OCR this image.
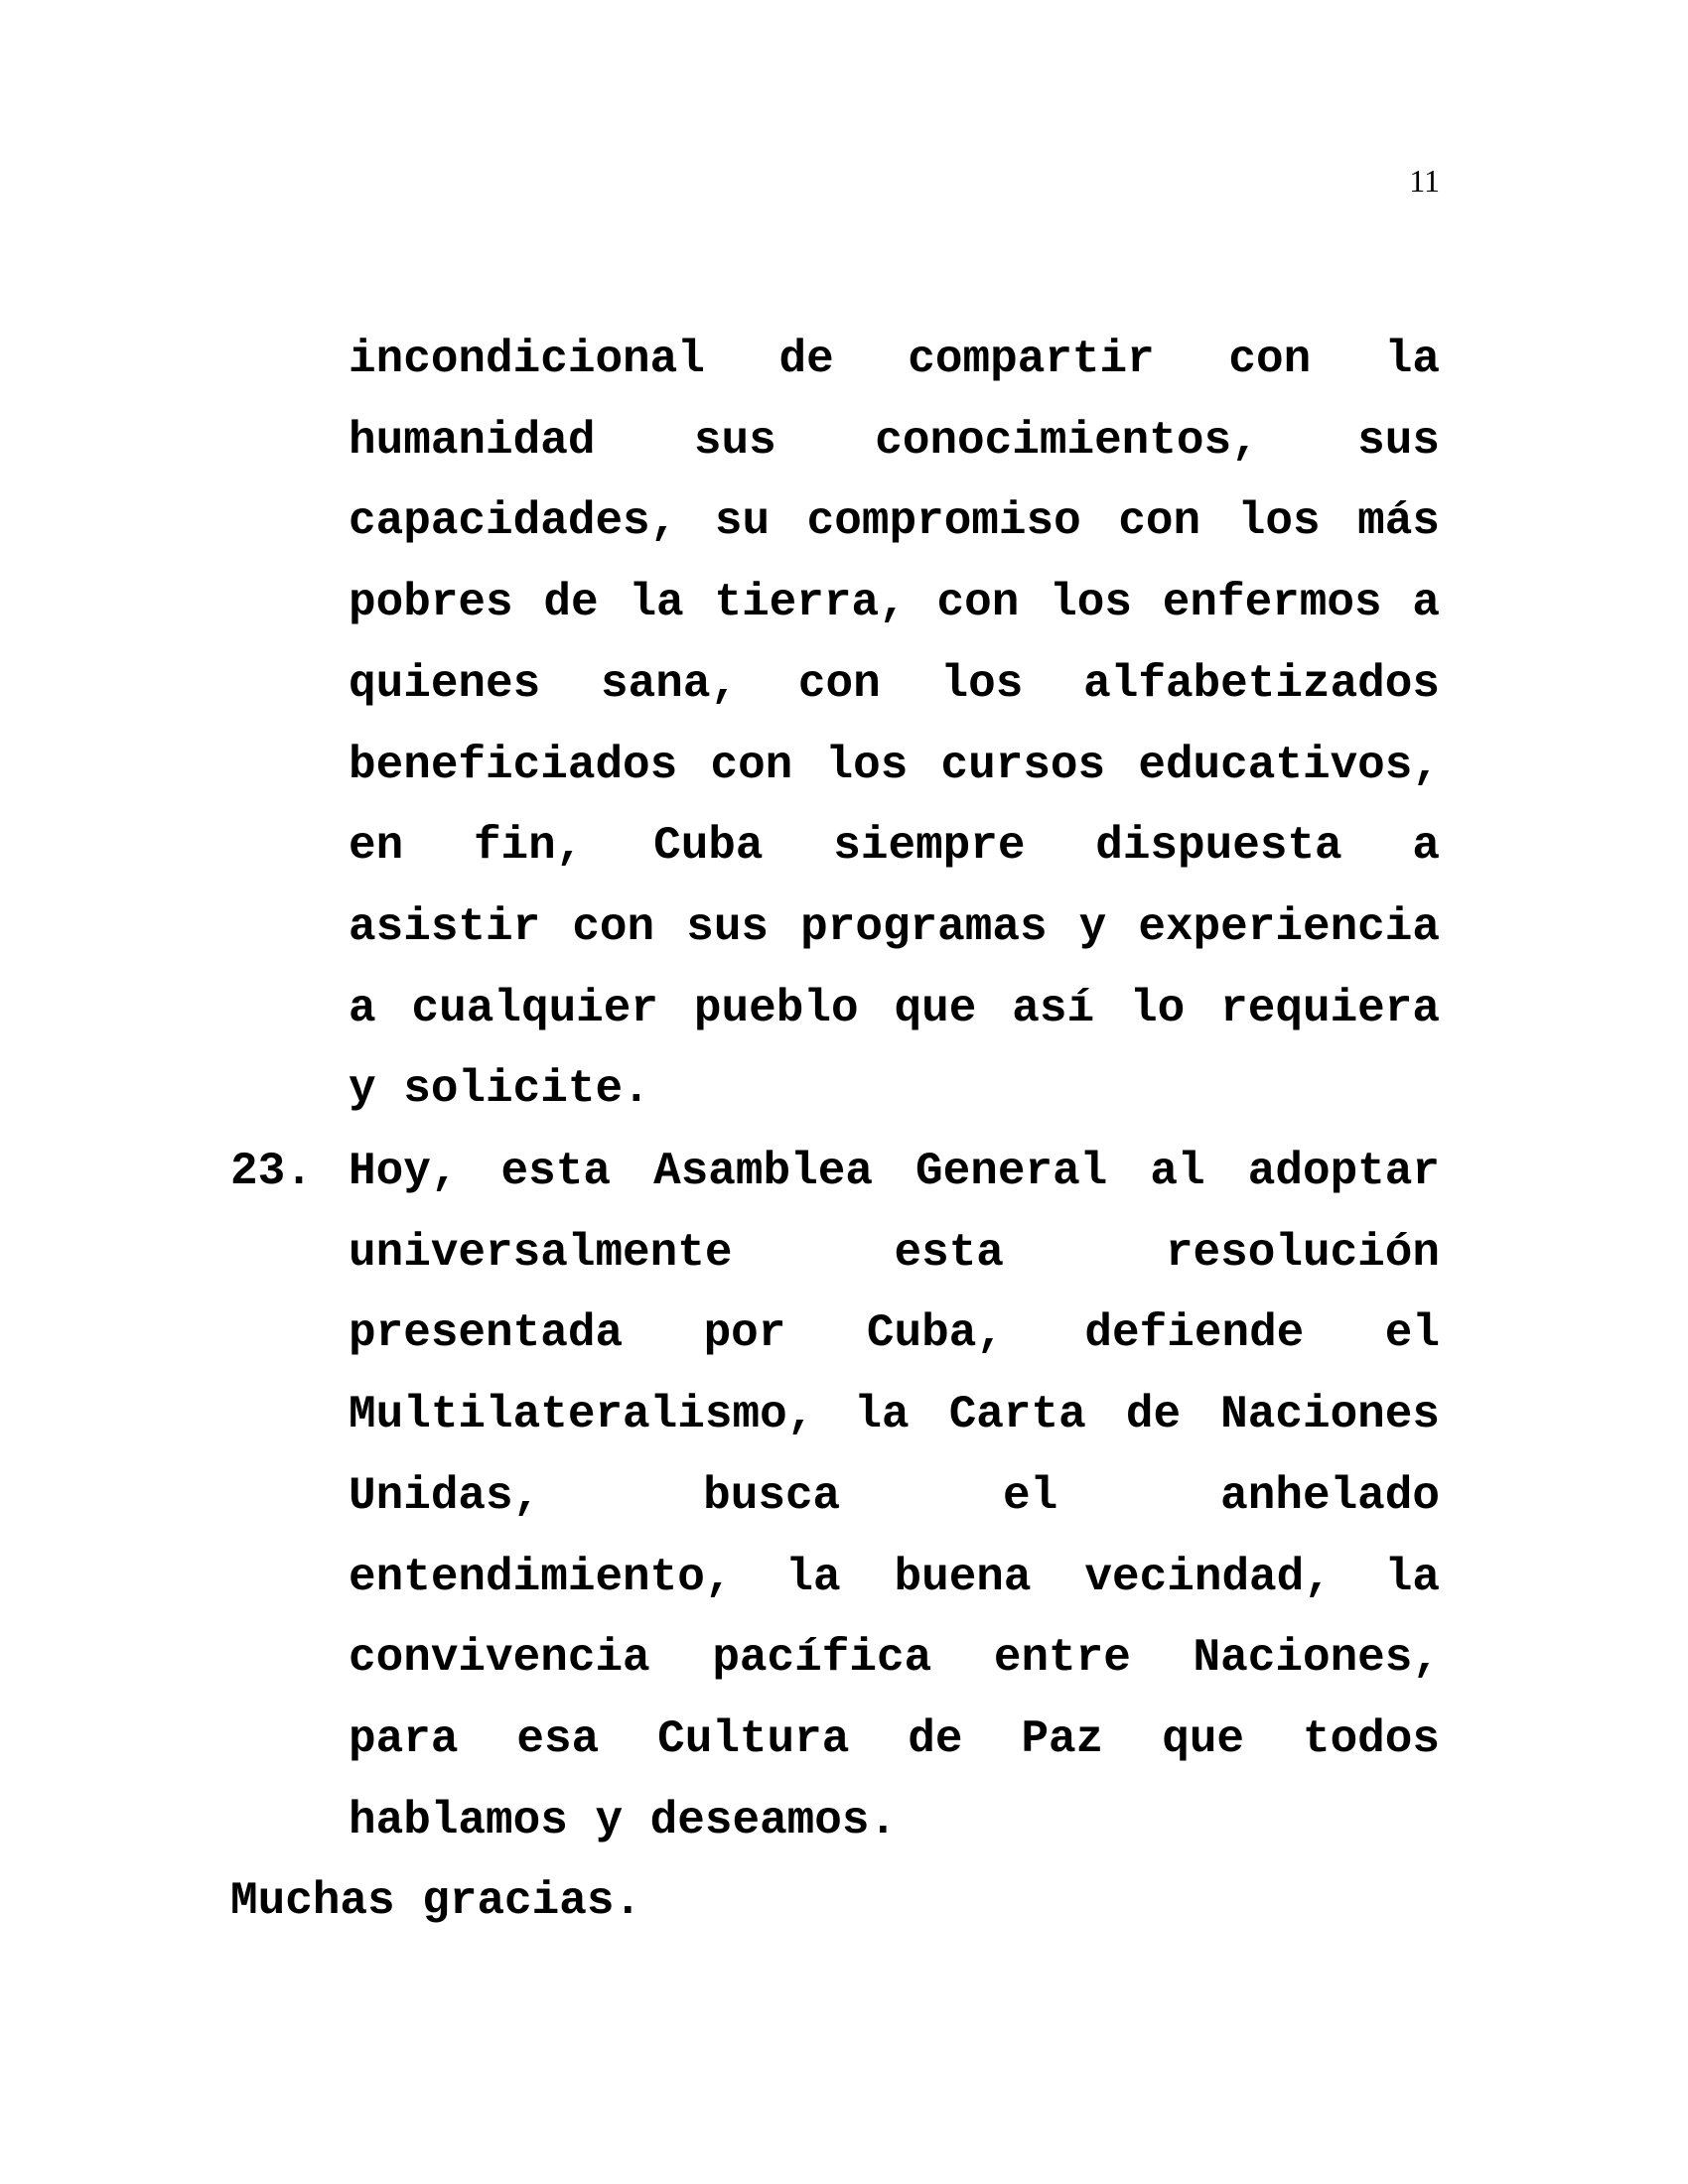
11

incondicional de compartir con la humanidad sus conocimientos, sus capacidades, su compromiso con los más pobres de la tierra, con los enfermos a quienes sana, con los alfabetizados beneficiados con los cursos educativos, en fin, Cuba siempre dispuesta a asistir con sus programas y experiencia a cualquier pueblo que así lo requiera y solicite.

23. Hoy, esta Asamblea General al adoptar universalmente esta resolución presentada por Cuba, defiende el Multilateralismo, la Carta de Naciones Unidas, busca el anhelado entendimiento, la buena vecindad, la convivencia pacífica entre Naciones, para esa Cultura de Paz que todos hablamos y deseamos.

Muchas gracias.
